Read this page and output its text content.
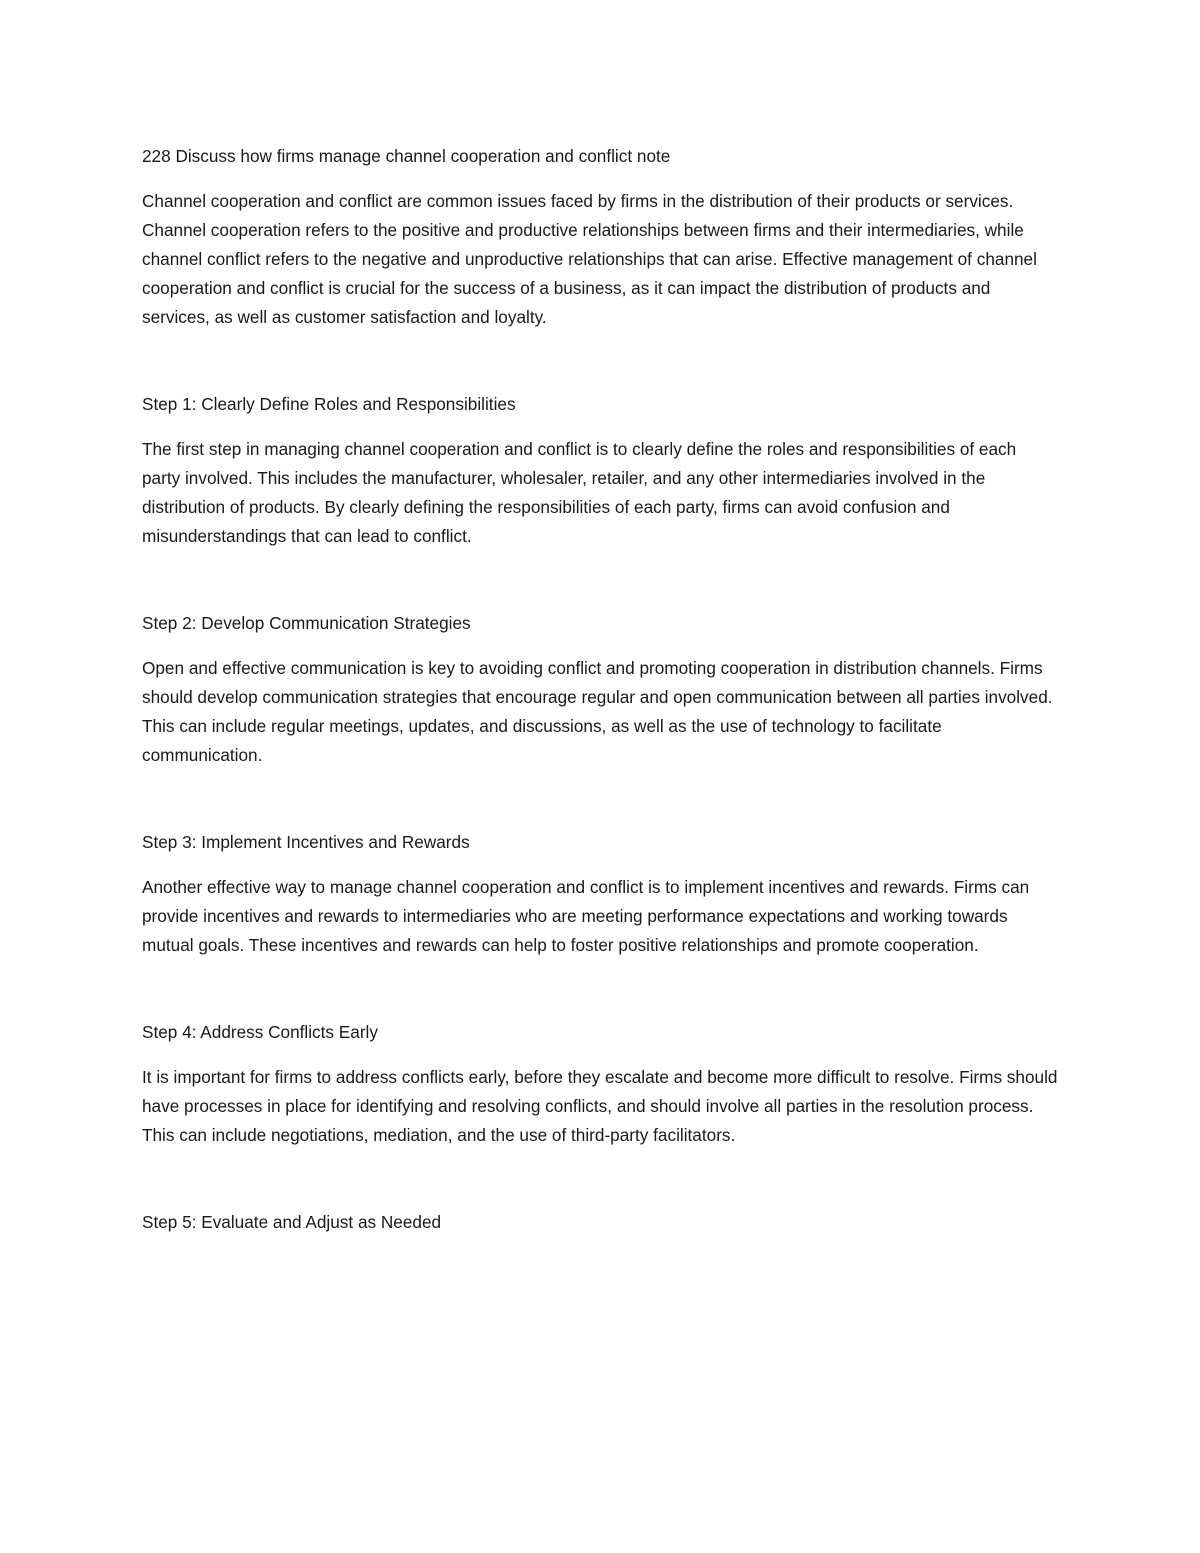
228 Discuss how firms manage channel cooperation and conflict note

Channel cooperation and conflict are common issues faced by firms in the distribution of their products or services. Channel cooperation refers to the positive and productive relationships between firms and their intermediaries, while channel conflict refers to the negative and unproductive relationships that can arise. Effective management of channel cooperation and conflict is crucial for the success of a business, as it can impact the distribution of products and services, as well as customer satisfaction and loyalty.

Step 1: Clearly Define Roles and Responsibilities

The first step in managing channel cooperation and conflict is to clearly define the roles and responsibilities of each party involved. This includes the manufacturer, wholesaler, retailer, and any other intermediaries involved in the distribution of products. By clearly defining the responsibilities of each party, firms can avoid confusion and misunderstandings that can lead to conflict.

Step 2: Develop Communication Strategies

Open and effective communication is key to avoiding conflict and promoting cooperation in distribution channels. Firms should develop communication strategies that encourage regular and open communication between all parties involved. This can include regular meetings, updates, and discussions, as well as the use of technology to facilitate communication.

Step 3: Implement Incentives and Rewards

Another effective way to manage channel cooperation and conflict is to implement incentives and rewards. Firms can provide incentives and rewards to intermediaries who are meeting performance expectations and working towards mutual goals. These incentives and rewards can help to foster positive relationships and promote cooperation.

Step 4: Address Conflicts Early

It is important for firms to address conflicts early, before they escalate and become more difficult to resolve. Firms should have processes in place for identifying and resolving conflicts, and should involve all parties in the resolution process. This can include negotiations, mediation, and the use of third-party facilitators.

Step 5: Evaluate and Adjust as Needed
